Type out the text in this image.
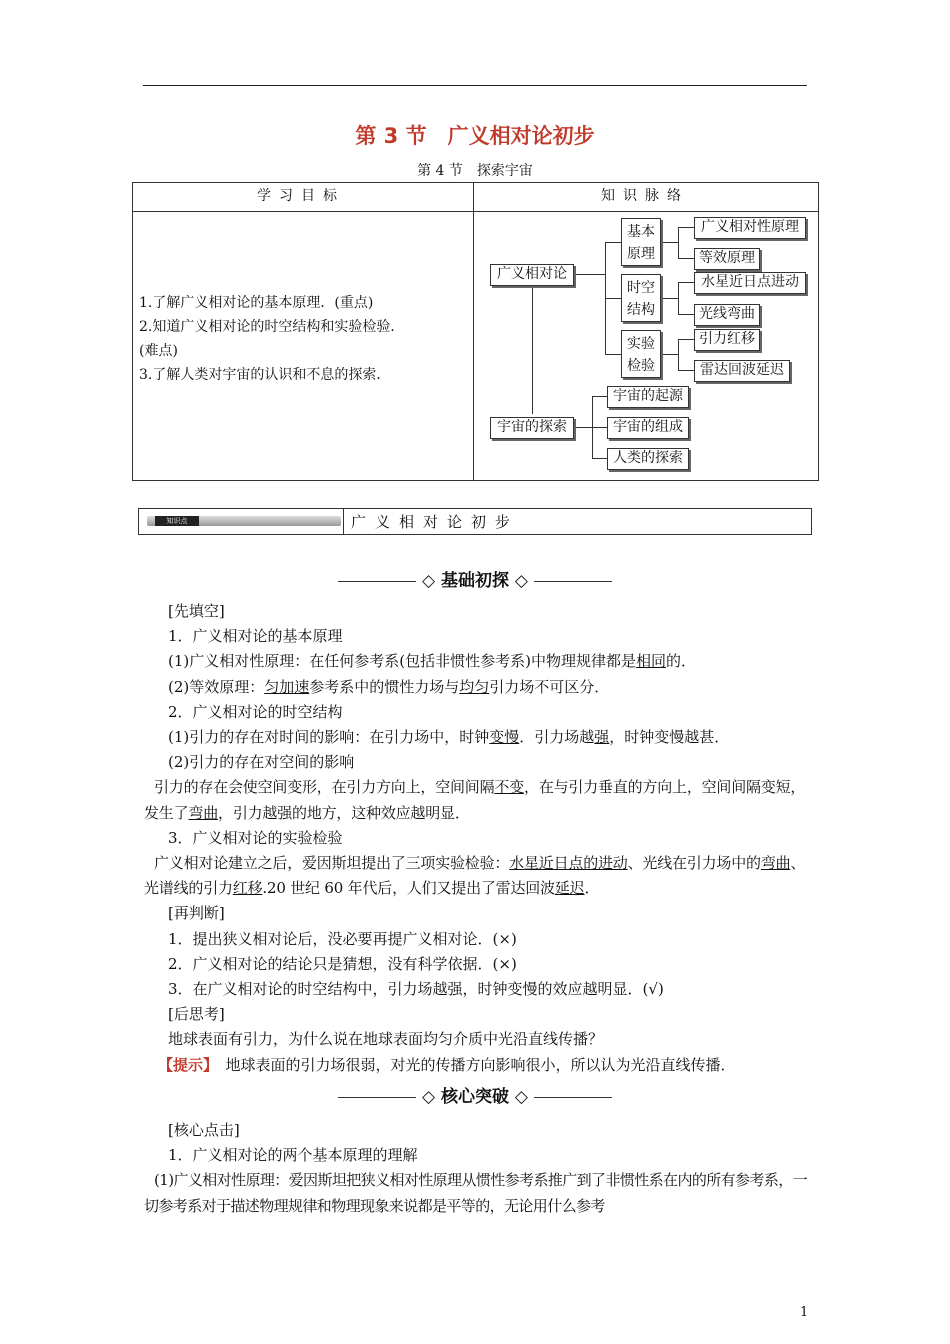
第 3 节　广义相对论初步
第 4 节　探索宇宙
学习目标	知识脉络
1.了解广义相对论的基本原理．(重点)
2.知道广义相对论的时空结构和实验检验．
(难点)
3.了解人类对宇宙的认识和不息的探索．
广义相对论
宇宙的探索
基本
原理
时空
结构
实验
检验
广义相对性原理
等效原理
水星近日点进动
光线弯曲
引力红移
雷达回波延迟
宇宙的起源
宇宙的组成
人类的探索
知识点	广义相对论初步
◇ 基础初探 ◇

[先填空]

1．广义相对论的基本原理

(1)广义相对性原理：在任何参考系(包括非惯性参考系)中物理规律都是相同的．

(2)等效原理：匀加速参考系中的惯性力场与均匀引力场不可区分．

2．广义相对论的时空结构

(1)引力的存在对时间的影响：在引力场中，时钟变慢．引力场越强，时钟变慢越甚．

(2)引力的存在对空间的影响

引力的存在会使空间变形，在引力方向上，空间间隔不变，在与引力垂直的方向上，空间间隔变短，发生了弯曲，引力越强的地方，这种效应越明显．

3．广义相对论的实验检验

广义相对论建立之后，爱因斯坦提出了三项实验检验：水星近日点的进动、光线在引力场中的弯曲、光谱线的引力红移.20 世纪 60 年代后，人们又提出了雷达回波延迟．

[再判断]

1．提出狭义相对论后，没必要再提广义相对论．(×)

2．广义相对论的结论只是猜想，没有科学依据．(×)

3．在广义相对论的时空结构中，引力场越强，时钟变慢的效应越明显．(√)

[后思考]

地球表面有引力，为什么说在地球表面均匀介质中光沿直线传播？

【提示】　地球表面的引力场很弱，对光的传播方向影响很小，所以认为光沿直线传播．

◇ 核心突破 ◇

[核心点击]

1．广义相对论的两个基本原理的理解

(1)广义相对性原理：爱因斯坦把狭义相对性原理从惯性参考系推广到了非惯性系在内的所有参考系，一切参考系对于描述物理规律和物理现象来说都是平等的，无论用什么参考

1
